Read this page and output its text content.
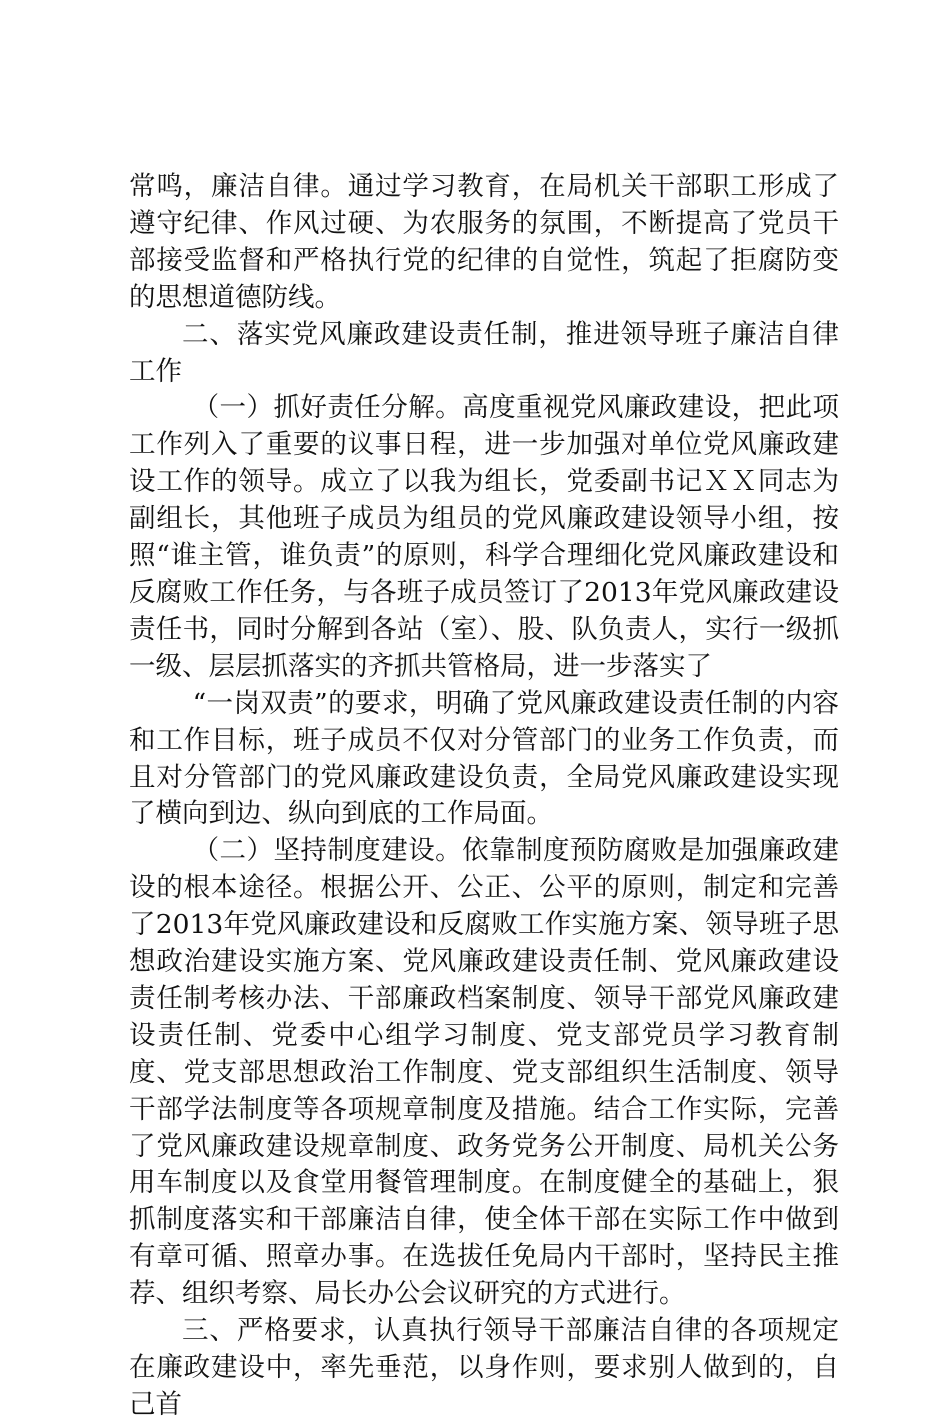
常鸣，廉洁自律。通过学习教育，在局机关干部职工形成了遵守纪律、作风过硬、为农服务的氛围，不断提高了党员干部接受监督和严格执行党的纪律的自觉性，筑起了拒腐防变的思想道德防线。

二、落实党风廉政建设责任制，推进领导班子廉洁自律工作

（一）抓好责任分解。高度重视党风廉政建设，把此项工作列入了重要的议事日程，进一步加强对单位党风廉政建设工作的领导。成立了以我为组长，党委副书记ＸＸ同志为副组长，其他班子成员为组员的党风廉政建设领导小组，按照“谁主管，谁负责”的原则，科学合理细化党风廉政建设和反腐败工作任务，与各班子成员签订了2013年党风廉政建设责任书，同时分解到各站（室）、股、队负责人，实行一级抓一级、层层抓落实的齐抓共管格局，进一步落实了

“一岗双责”的要求，明确了党风廉政建设责任制的内容和工作目标，班子成员不仅对分管部门的业务工作负责，而且对分管部门的党风廉政建设负责，全局党风廉政建设实现了横向到边、纵向到底的工作局面。

（二）坚持制度建设。依靠制度预防腐败是加强廉政建设的根本途径。根据公开、公正、公平的原则，制定和完善了2013年党风廉政建设和反腐败工作实施方案、领导班子思想政治建设实施方案、党风廉政建设责任制、党风廉政建设责任制考核办法、干部廉政档案制度、领导干部党风廉政建设责任制、党委中心组学习制度、党支部党员学习教育制度、党支部思想政治工作制度、党支部组织生活制度、领导干部学法制度等各项规章制度及措施。结合工作实际，完善了党风廉政建设规章制度、政务党务公开制度、局机关公务用车制度以及食堂用餐管理制度。在制度健全的基础上，狠抓制度落实和干部廉洁自律，使全体干部在实际工作中做到有章可循、照章办事。在选拔任免局内干部时，坚持民主推荐、组织考察、局长办公会议研究的方式进行。

三、严格要求，认真执行领导干部廉洁自律的各项规定在廉政建设中，率先垂范，以身作则，要求别人做到的，自己首
